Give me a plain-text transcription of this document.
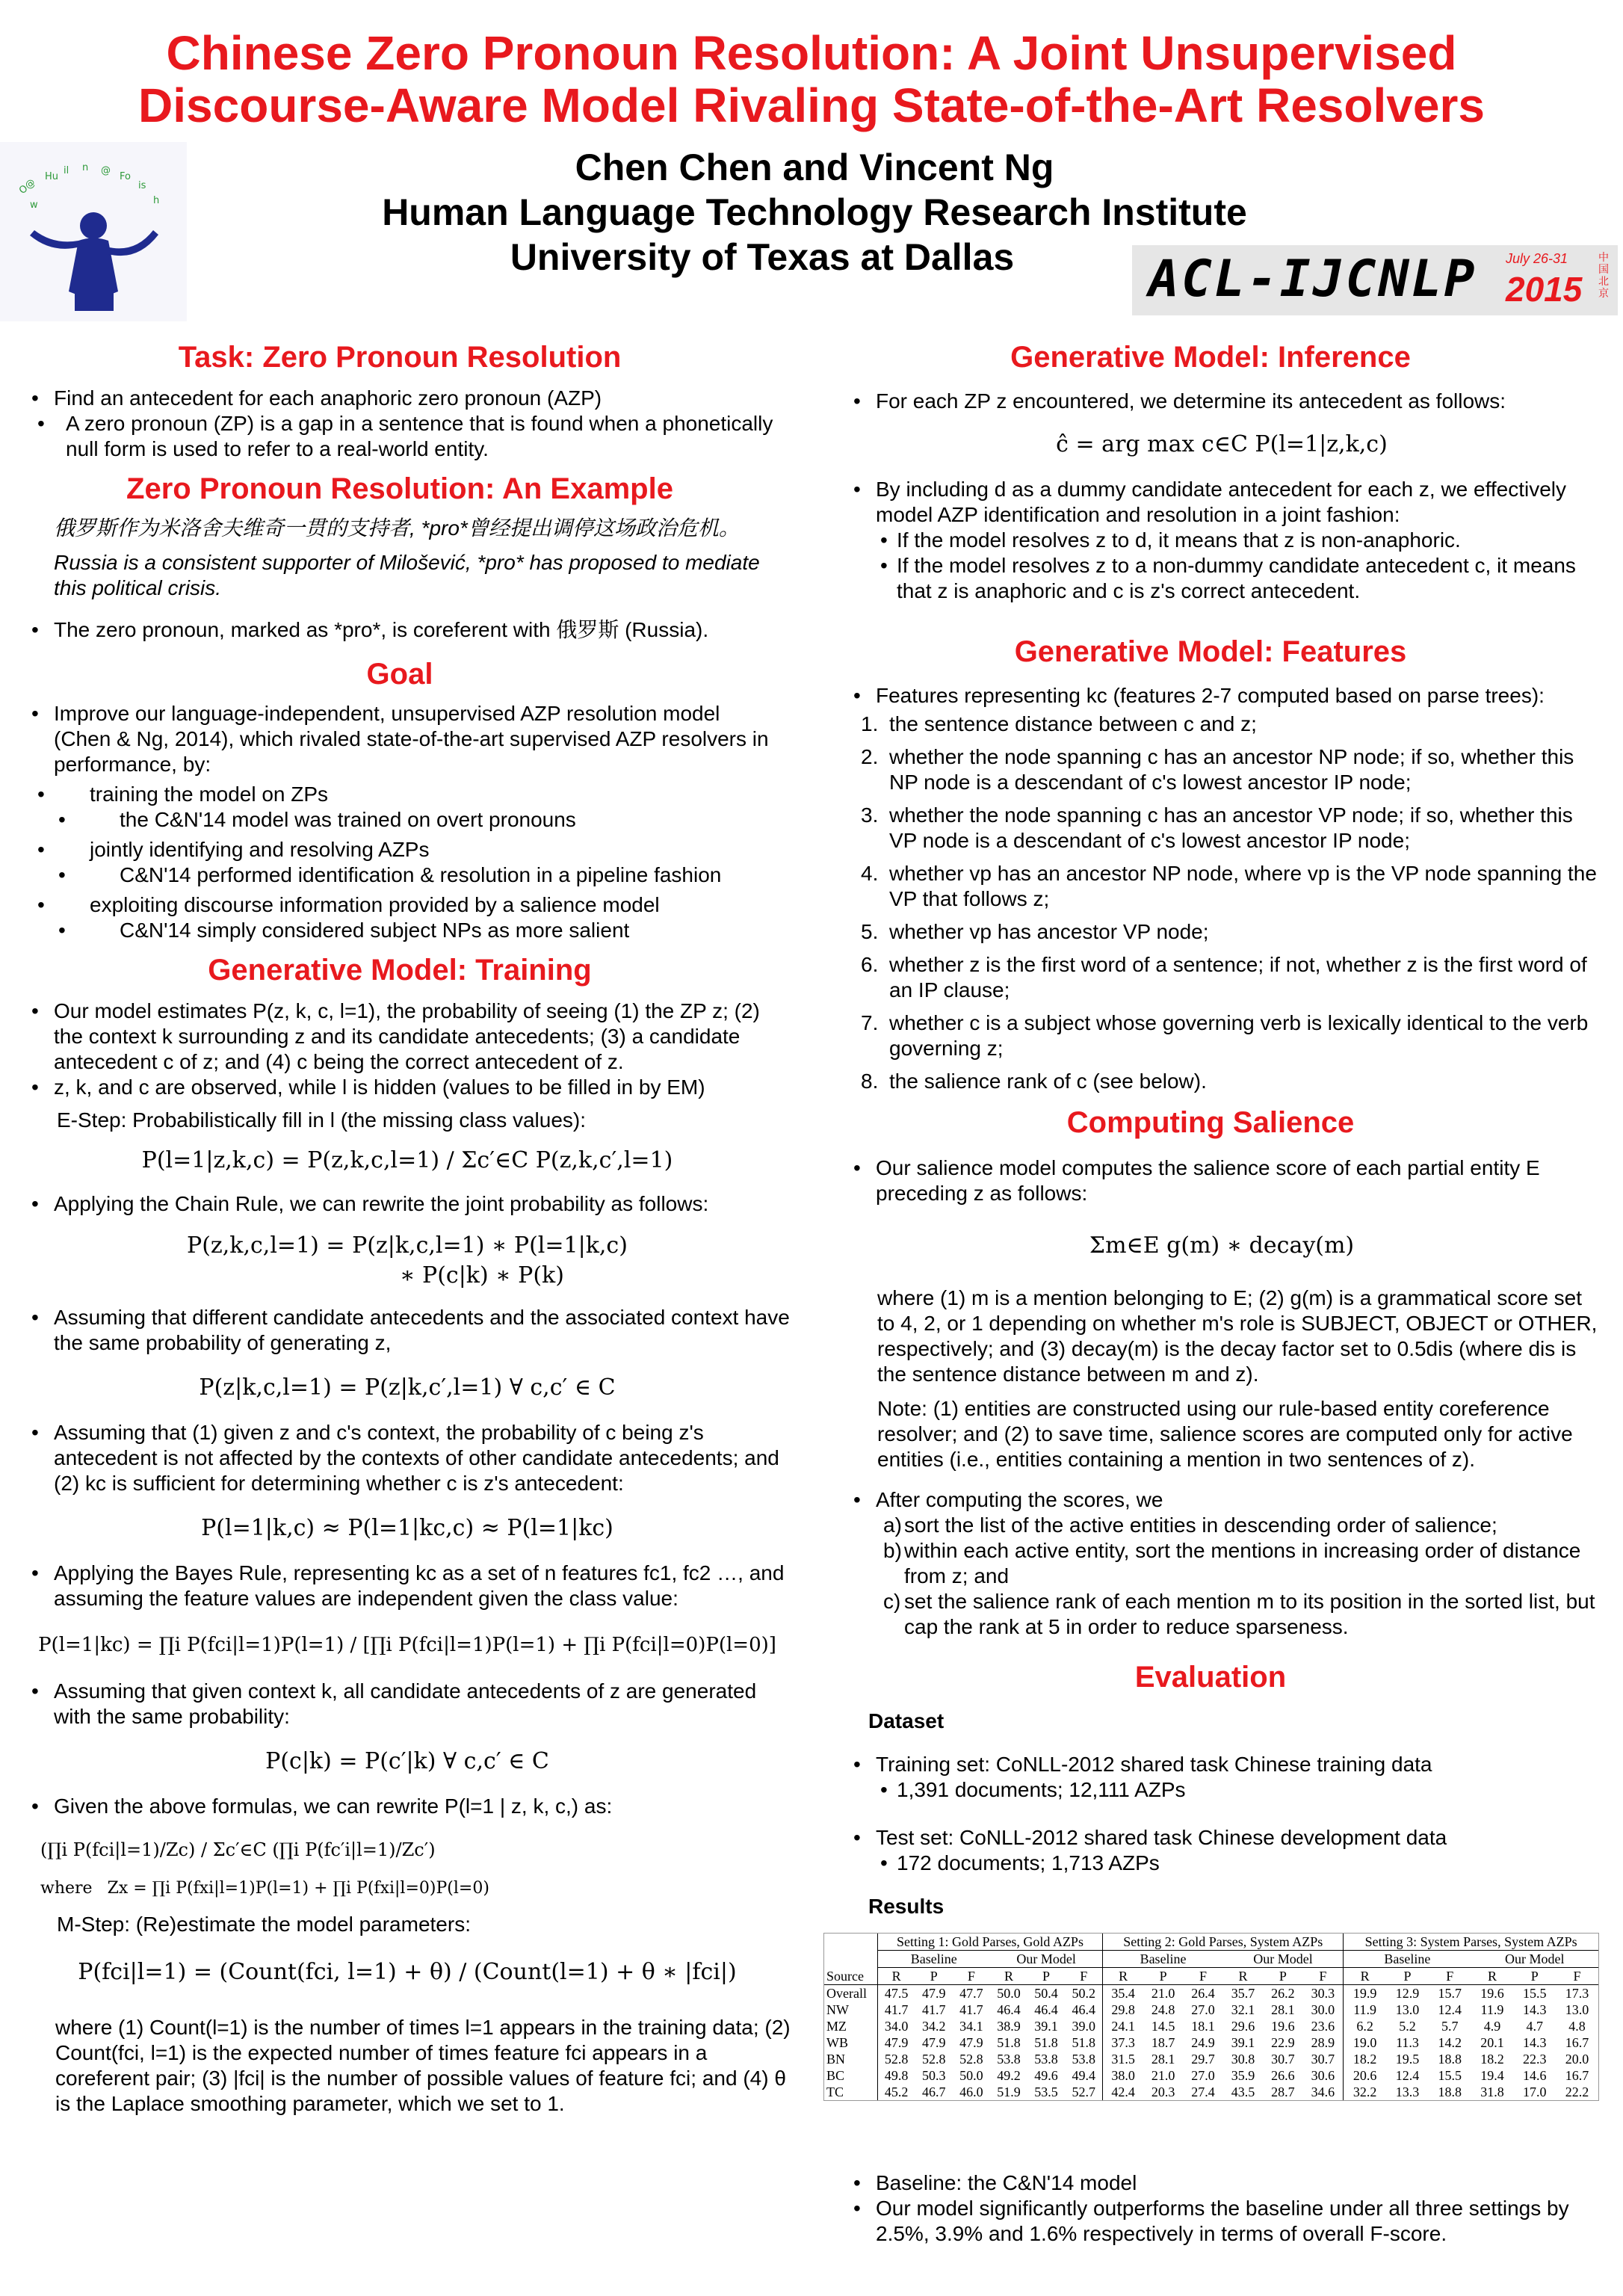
Chinese Zero Pronoun Resolution: A Joint Unsupervised
Discourse-Aware Model Rivaling State-of-the-Art Resolvers
O@
Hu
il n @
Fo
is
h
w
Chen Chen and Vincent Ng
Human Language Technology Research Institute
University of Texas at Dallas	ACL-IJCNLP July 26-31
2015
中国北京
Task: Zero Pronoun Resolution
• Find an antecedent for each anaphoric zero pronoun (AZP)
• A zero pronoun (ZP) is a gap in a sentence that is found when a phonetically null form is used to refer to a real-world entity.
Zero Pronoun Resolution: An Example
俄罗斯作为米洛舍夫维奇一贯的支持者, *pro*曾经提出调停这场政治危机。
Russia is a consistent supporter of Milošević, *pro* has proposed to mediate this political crisis.
• The zero pronoun, marked as *pro*, is coreferent with 俄罗斯 (Russia).
Goal
• Improve our language-independent, unsupervised AZP resolution model (Chen & Ng, 2014), which rivaled state-of-the-art supervised AZP resolvers in performance, by:
• training the model on ZPs
• the C&N'14 model was trained on overt pronouns
• jointly identifying and resolving AZPs
• C&N'14 performed identification & resolution in a pipeline fashion
• exploiting discourse information provided by a salience model
• C&N'14 simply considered subject NPs as more salient
Generative Model: Training
• Our model estimates P(z, k, c, l=1), the probability of seeing (1) the ZP z; (2) the context k surrounding z and its candidate antecedents; (3) a candidate antecedent c of z; and (4) c being the correct antecedent of z.
• z, k, and c are observed, while l is hidden (values to be filled in by EM)
E-Step: Probabilistically fill in l (the missing class values):
P(l=1|z,k,c) = P(z,k,c,l=1) / Σc′∈C P(z,k,c′,l=1)
• Applying the Chain Rule, we can rewrite the joint probability as follows:
P(z,k,c,l=1) = P(z|k,c,l=1) ∗ P(l=1|k,c)
∗ P(c|k) ∗ P(k)
• Assuming that different candidate antecedents and the associated context have the same probability of generating z,
P(z|k,c,l=1) = P(z|k,c′,l=1) ∀ c,c′ ∈ C
• Assuming that (1) given z and c's context, the probability of c being z's antecedent is not affected by the contexts of other candidate antecedents; and (2) kc is sufficient for determining whether c is z's antecedent:
P(l=1|k,c) ≈ P(l=1|kc,c) ≈ P(l=1|kc)
• Applying the Bayes Rule, representing kc as a set of n features fc1, fc2 …, and assuming the feature values are independent given the class value:
P(l=1|kc) = ∏i P(fci|l=1)P(l=1) / [∏i P(fci|l=1)P(l=1) + ∏i P(fci|l=0)P(l=0)]
• Assuming that given context k, all candidate antecedents of z are generated with the same probability:
P(c|k) = P(c′|k) ∀ c,c′ ∈ C
• Given the above formulas, we can rewrite P(l=1 | z, k, c,) as:
(∏i P(fci|l=1)/Zc) / Σc′∈C (∏i P(fc′i|l=1)/Zc′)
where Zx = ∏i P(fxi|l=1)P(l=1) + ∏i P(fxi|l=0)P(l=0)
M-Step: (Re)estimate the model parameters:
P(fci|l=1) = (Count(fci, l=1) + θ) / (Count(l=1) + θ ∗ |fci|)
where (1) Count(l=1) is the number of times l=1 appears in the training data; (2) Count(fci, l=1) is the expected number of times feature fci appears in a coreferent pair; (3) |fci| is the number of possible values of feature fci; and (4) θ is the Laplace smoothing parameter, which we set to 1.
Generative Model: Inference
• For each ZP z encountered, we determine its antecedent as follows:
ĉ = arg max c∈C P(l=1|z,k,c)
• By including d as a dummy candidate antecedent for each z, we effectively model AZP identification and resolution in a joint fashion:
• If the model resolves z to d, it means that z is non-anaphoric.
• If the model resolves z to a non-dummy candidate antecedent c, it means that z is anaphoric and c is z's correct antecedent.
Generative Model: Features
• Features representing kc (features 2-7 computed based on parse trees):
1. the sentence distance between c and z;
2. whether the node spanning c has an ancestor NP node; if so, whether this NP node is a descendant of c's lowest ancestor IP node;
3. whether the node spanning c has an ancestor VP node; if so, whether this VP node is a descendant of c's lowest ancestor IP node;
4. whether vp has an ancestor NP node, where vp is the VP node spanning the VP that follows z;
5. whether vp has ancestor VP node;
6. whether z is the first word of a sentence; if not, whether z is the first word of an IP clause;
7. whether c is a subject whose governing verb is lexically identical to the verb governing z;
8. the salience rank of c (see below).
Computing Salience
• Our salience model computes the salience score of each partial entity E preceding z as follows:
Σm∈E g(m) ∗ decay(m)
where (1) m is a mention belonging to E; (2) g(m) is a grammatical score set to 4, 2, or 1 depending on whether m's role is SUBJECT, OBJECT or OTHER, respectively; and (3) decay(m) is the decay factor set to 0.5dis (where dis is the sentence distance between m and z).
Note: (1) entities are constructed using our rule-based entity coreference resolver; and (2) to save time, salience scores are computed only for active entities (i.e., entities containing a mention in two sentences of z).
• After computing the scores, we
a) sort the list of the active entities in descending order of salience;
b) within each active entity, sort the mentions in increasing order of distance from z; and
c) set the salience rank of each mention m to its position in the sorted list, but cap the rank at 5 in order to reduce sparseness.
Evaluation
Dataset
• Training set: CoNLL-2012 shared task Chinese training data
• 1,391 documents; 12,111 AZPs
• Test set: CoNLL-2012 shared task Chinese development data
• 172 documents; 1,713 AZPs
Results
	Setting 1: Gold Parses, Gold AZPs						Setting 2: Gold Parses, System AZPs						Setting 3: System Parses, System AZPs					
	Baseline			Our Model			Baseline			Our Model			Baseline			Our Model		
Source	R	P	F	R	P	F	R	P	F	R	P	F	R	P	F	R	P	F
Overall	47.5	47.9	47.7	50.0	50.4	50.2	35.4	21.0	26.4	35.7	26.2	30.3	19.9	12.9	15.7	19.6	15.5	17.3
NW	41.7	41.7	41.7	46.4	46.4	46.4	29.8	24.8	27.0	32.1	28.1	30.0	11.9	13.0	12.4	11.9	14.3	13.0
MZ	34.0	34.2	34.1	38.9	39.1	39.0	24.1	14.5	18.1	29.6	19.6	23.6	6.2	5.2	5.7	4.9	4.7	4.8
WB	47.9	47.9	47.9	51.8	51.8	51.8	37.3	18.7	24.9	39.1	22.9	28.9	19.0	11.3	14.2	20.1	14.3	16.7
BN	52.8	52.8	52.8	53.8	53.8	53.8	31.5	28.1	29.7	30.8	30.7	30.7	18.2	19.5	18.8	18.2	22.3	20.0
BC	49.8	50.3	50.0	49.2	49.6	49.4	38.0	21.0	27.0	35.9	26.6	30.6	20.6	12.4	15.5	19.4	14.6	16.7
TC	45.2	46.7	46.0	51.9	53.5	52.7	42.4	20.3	27.4	43.5	28.7	34.6	32.2	13.3	18.8	31.8	17.0	22.2
• Baseline: the C&N'14 model
• Our model significantly outperforms the baseline under all three settings by 2.5%, 3.9% and 1.6% respectively in terms of overall F-score.
